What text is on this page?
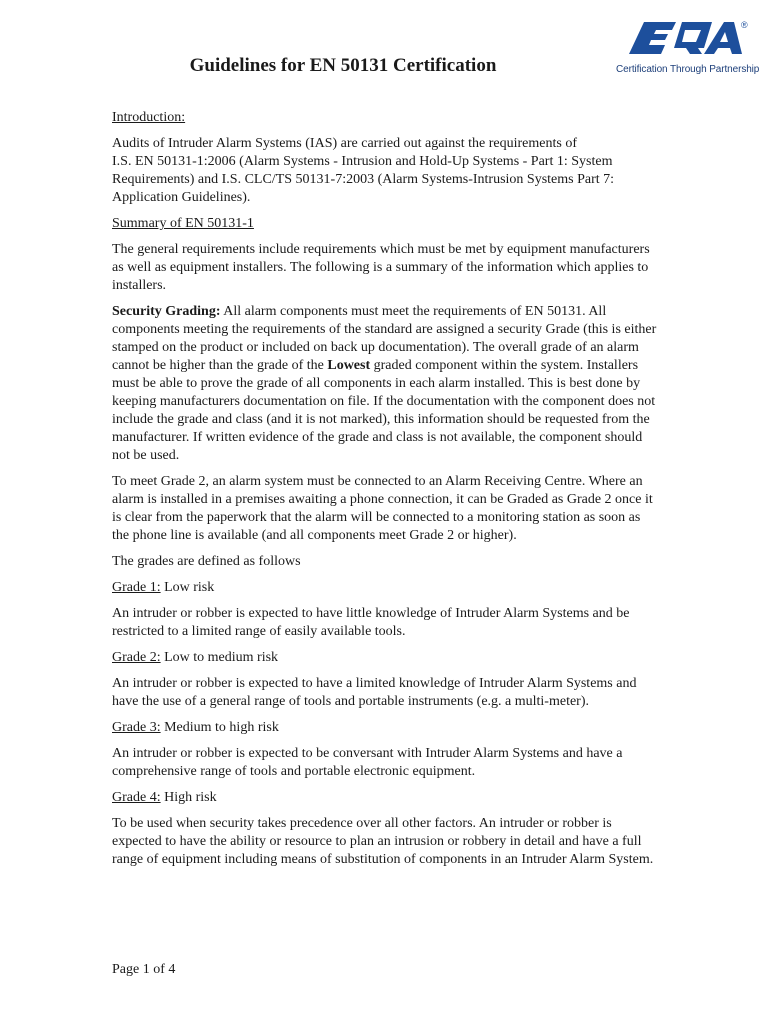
®
Certification Through Partnership
Guidelines for EN 50131 Certification

Introduction:

Audits of Intruder Alarm Systems (IAS) are carried out against the requirements of
I.S. EN 50131-1:2006 (Alarm Systems - Intrusion and Hold-Up Systems - Part 1: System
Requirements) and I.S. CLC/TS 50131-7:2003 (Alarm Systems-Intrusion Systems Part 7:
Application Guidelines).

Summary of EN 50131-1

The general requirements include requirements which must be met by equipment manufacturers as well as equipment installers. The following is a summary of the information which applies to installers.

Security Grading: All alarm components must meet the requirements of EN 50131. All components meeting the requirements of the standard are assigned a security Grade (this is either stamped on the product or included on back up documentation). The overall grade of an alarm cannot be higher than the grade of the Lowest graded component within the system. Installers must be able to prove the grade of all components in each alarm installed. This is best done by keeping manufacturers documentation on file. If the documentation with the component does not include the grade and class (and it is not marked), this information should be requested from the manufacturer. If written evidence of the grade and class is not available, the component should not be used.

To meet Grade 2, an alarm system must be connected to an Alarm Receiving Centre. Where an alarm is installed in a premises awaiting a phone connection, it can be Graded as Grade 2 once it is clear from the paperwork that the alarm will be connected to a monitoring station as soon as the phone line is available (and all components meet Grade 2 or higher).

The grades are defined as follows

Grade 1: Low risk

An intruder or robber is expected to have little knowledge of Intruder Alarm Systems and be restricted to a limited range of easily available tools.

Grade 2: Low to medium risk

An intruder or robber is expected to have a limited knowledge of Intruder Alarm Systems and have the use of a general range of tools and portable instruments (e.g. a multi-meter).

Grade 3: Medium to high risk

An intruder or robber is expected to be conversant with Intruder Alarm Systems and have a comprehensive range of tools and portable electronic equipment.

Grade 4: High risk

To be used when security takes precedence over all other factors. An intruder or robber is expected to have the ability or resource to plan an intrusion or robbery in detail and have a full range of equipment including means of substitution of components in an Intruder Alarm System.

Page 1 of 4
